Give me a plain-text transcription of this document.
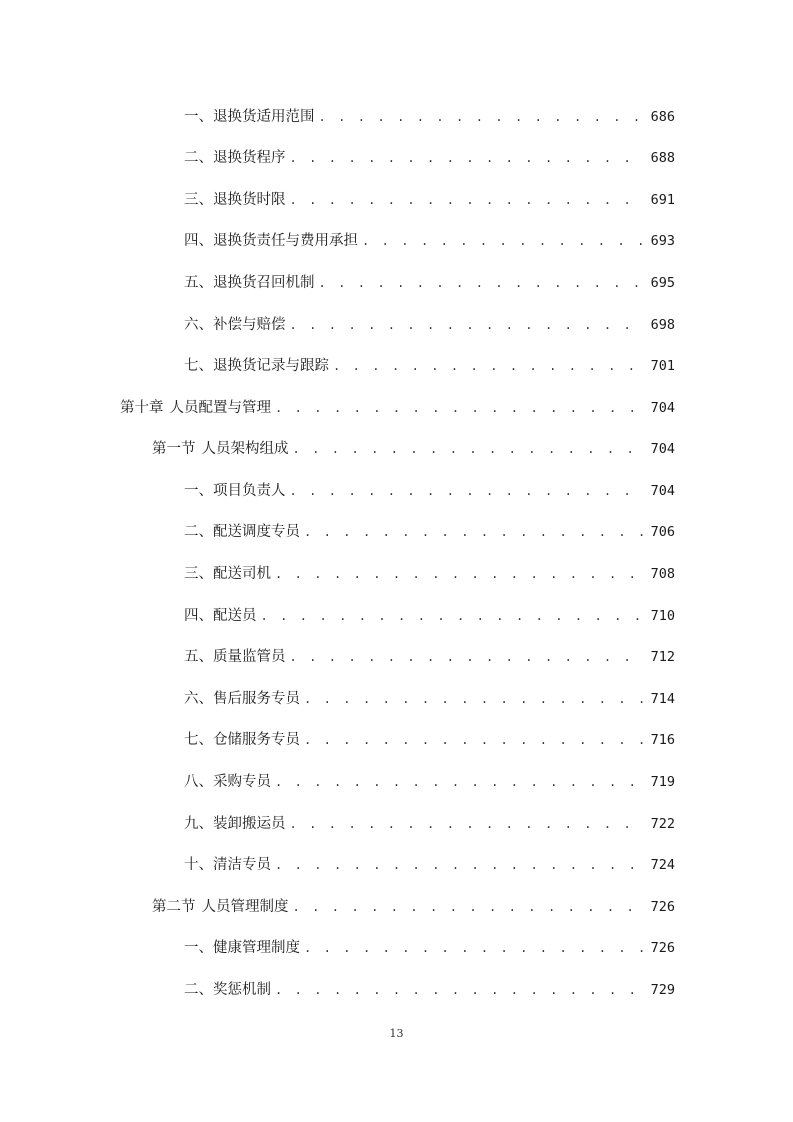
一、 退换货适用范围 . . .	686
二、 退换货程序 . . .	688
三、 退换货时限 . . .	691
四、 退换货责任与费用承担 . . .	693
五、 退换货召回机制 . . .	695
六、 补偿与赔偿 . . .	698
七、 退换货记录与跟踪 . . .	701
第十章 人员配置与管理 . . .	704
第一节 人员架构组成 . . .	704
一、 项目负责人 . . .	704
二、 配送调度专员 . . .	706
三、 配送司机 . . .	708
四、 配送员 . . .	710
五、 质量监管员 . . .	712
六、 售后服务专员 . . .	714
七、 仓储服务专员 . . .	716
八、 采购专员 . . .	719
九、 装卸搬运员 . . .	722
十、 清洁专员 . . .	724
第二节 人员管理制度 . . .	726
一、 健康管理制度 . . .	726
二、 奖惩机制 . . .	729
13
